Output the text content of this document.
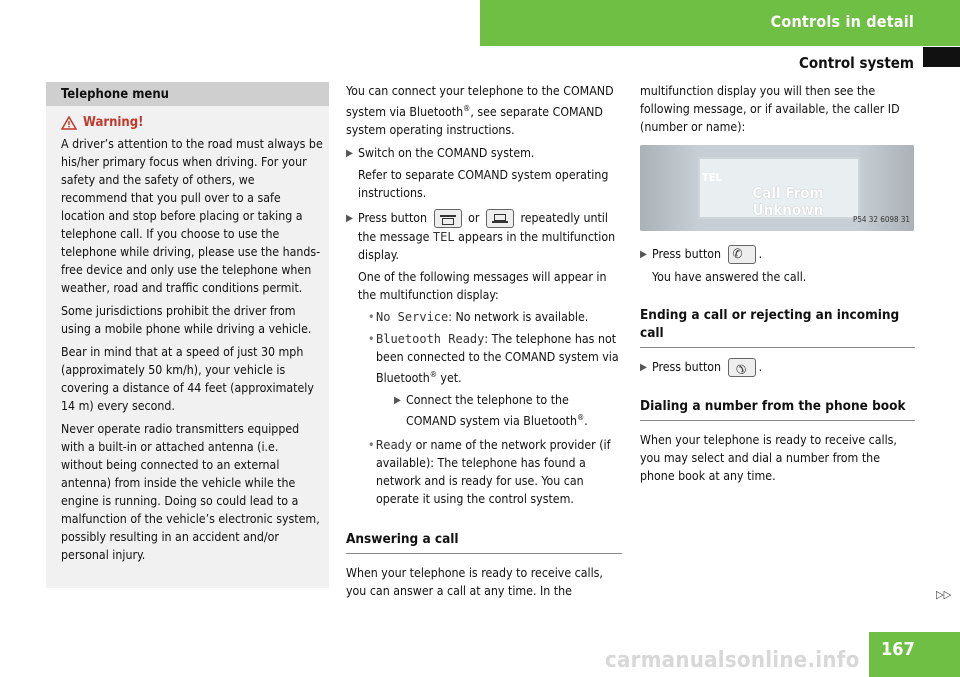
Controls in detail
Control system
Telephone menu
Warning!

A driver’s attention to the road must always be his/her primary focus when driving. For your safety and the safety of others, we recommend that you pull over to a safe location and stop before placing or taking a telephone call. If you choose to use the telephone while driving, please use the hands-free device and only use the telephone when weather, road and traffic conditions permit.

Some jurisdictions prohibit the driver from using a mobile phone while driving a vehicle.

Bear in mind that at a speed of just 30 mph (approximately 50 km/h), your vehicle is covering a distance of 44 feet (approximately 14 m) every second.

Never operate radio transmitters equipped with a built-in or attached antenna (i.e. without being connected to an external antenna) from inside the vehicle while the engine is running. Doing so could lead to a malfunction of the vehicle’s electronic system, possibly resulting in an accident and/or personal injury.

You can connect your telephone to the COMAND system via Bluetooth®, see separate COMAND system operating instructions.

▶ Switch on the COMAND system.

Refer to separate COMAND system operating instructions.

▶ Press button	or	repeatedly until the message TEL appears in the multifunction display.

One of the following messages will appear in the multifunction display:

• No Service: No network is available.
• Bluetooth Ready: The telephone has not been connected to the COMAND system via Bluetooth® yet.
▶ Connect the telephone to the COMAND system via Bluetooth®.
• Ready or name of the network provider (if available): The telephone has found a network and is ready for use. You can operate it using the control system.
Answering a call

When your telephone is ready to receive calls, you can answer a call at any time. In the

multifunction display you will then see the following message, or if available, the caller ID (number or name):

TEL
Call From
Unknown
P54 32 6098 31
▶ Press button ✆ .

You have answered the call.

Ending a call or rejecting an incoming call
▶ Press button ✆ .

Dialing a number from the phone book

When your telephone is ready to receive calls, you may select and dial a number from the phone book at any time.

▷▷
carmanualsonline.info	167
